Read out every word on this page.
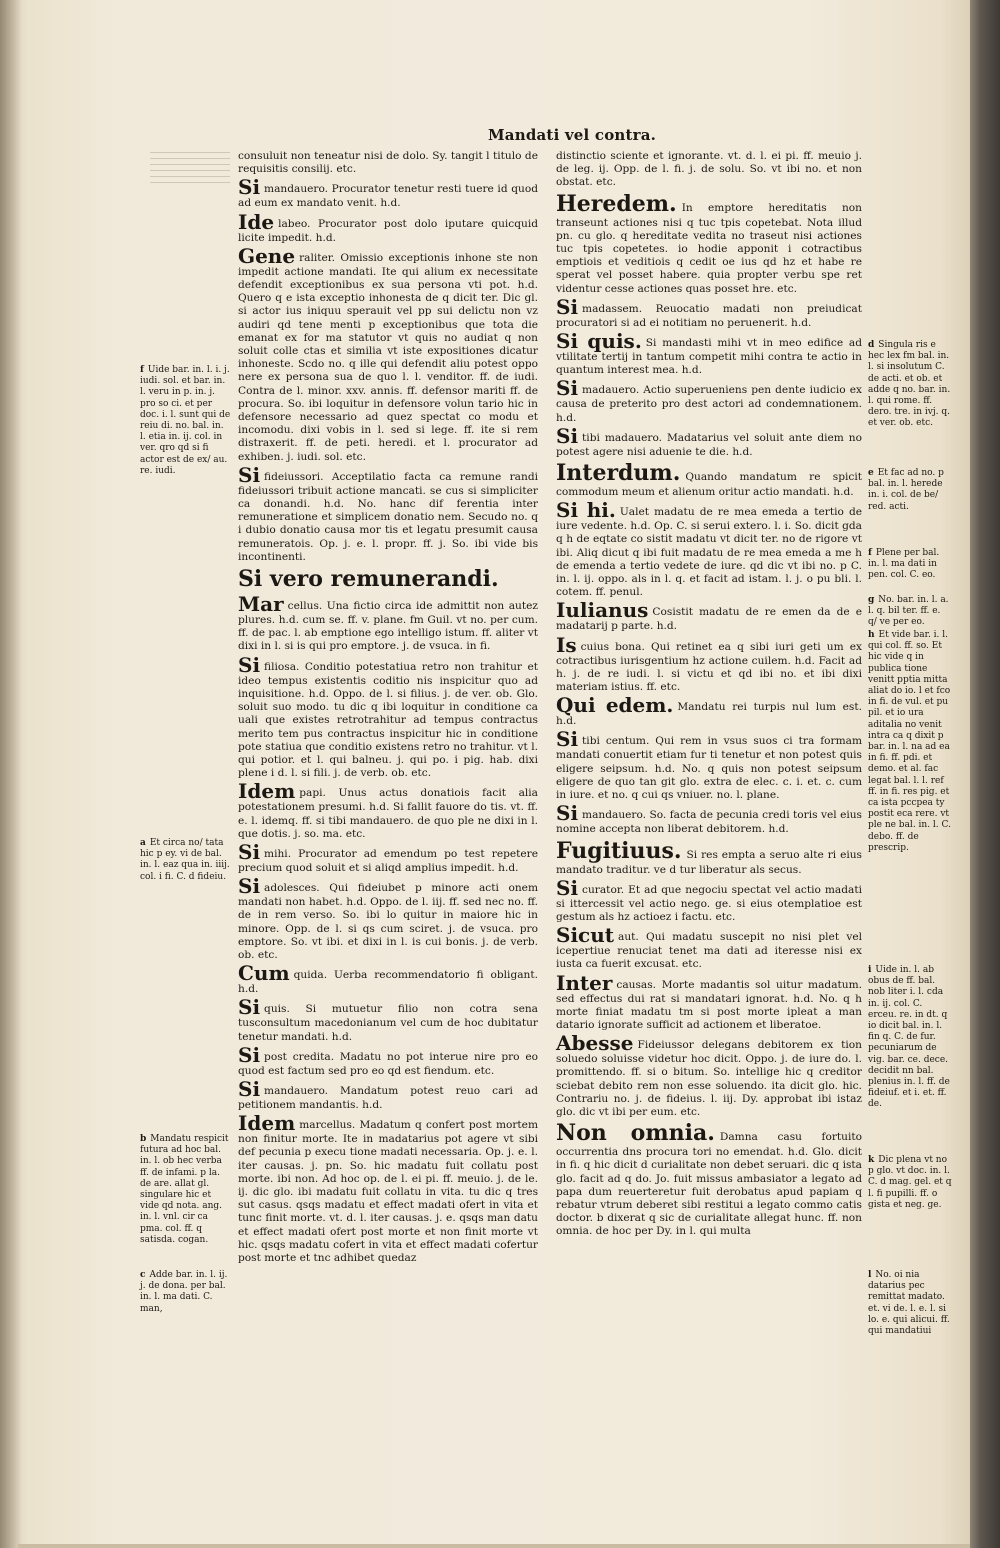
Mandati vel contra.

consuluit non teneatur nisi de dolo. Sy. tangit l titulo de requisitis consilij. etc.

Si mandauero. Procurator tenetur resti tuere id quod ad eum ex mandato venit. h.d.

Ide labeo. Procurator post dolo iputare quicquid licite impedit. h.d.

Gene raliter. Omissio exceptionis inhone ste non impedit actione mandati. Ite qui alium ex necessitate defendit exceptionibus ex sua persona vti pot. h.d. Quero q e ista exceptio inhonesta de q dicit ter. Dic gl. si actor ius iniquu sperauit vel pp sui delictu non vz audiri qd tene menti p exceptionibus que tota die emanat ex for ma statutor vt quis no audiat q non soluit colle ctas et similia vt iste expositiones dicatur inhoneste. Scdo no. q ille qui defendit aliu potest oppo nere ex persona sua de quo l. l. venditor. ff. de iudi. Contra de l. minor. xxv. annis. ff. defensor mariti ff. de procura. So. ibi loquitur in defensore volun tario hic in defensore necessario ad quez spectat co modu et incomodu. dixi vobis in l. sed si lege. ff. ite si rem distraxerit. ff. de peti. heredi. et l. procurator ad exhiben. j. iudi. sol. etc.

Si fideiussori. Acceptilatio facta ca remune randi fideiussori tribuit actione mancati. se cus si simpliciter ca donandi. h.d. No. hanc dif ferentia inter remuneratione et simplicem donatio nem. Secudo no. q i dubio donatio causa mor tis et legatu presumit causa remuneratois. Op. j. e. l. propr. ff. j. So. ibi vide bis incontinenti.

Si vero remunerandi.

Mar cellus. Una fictio circa ide admittit non autez plures. h.d. cum se. ff. v. plane. fm Guil. vt no. per cum. ff. de pac. l. ab emptione ego intelligo istum. ff. aliter vt dixi in l. si is qui pro emptore. j. de vsuca. in fi.

Si filiosa. Conditio potestatiua retro non trahitur et ideo tempus existentis coditio nis inspicitur quo ad inquisitione. h.d. Oppo. de l. si filius. j. de ver. ob. Glo. soluit suo modo. tu dic q ibi loquitur in conditione ca uali que existes retrotrahitur ad tempus contractus merito tem pus contractus inspicitur hic in conditione pote statiua que conditio existens retro no trahitur. vt l. qui potior. et l. qui balneu. j. qui po. i pig. hab. dixi plene i d. l. si fili. j. de verb. ob. etc.

Idem papi. Unus actus donatiois facit alia potestationem presumi. h.d. Si fallit fauore do tis. vt. ff. e. l. idemq. ff. si tibi mandauero. de quo ple ne dixi in l. que dotis. j. so. ma. etc.

Si mihi. Procurator ad emendum po test repetere precium quod soluit et si aliqd amplius impedit. h.d.

Si adolesces. Qui fideiubet p minore acti onem mandati non habet. h.d. Oppo. de l. iij. ff. sed nec no. ff. de in rem verso. So. ibi lo quitur in maiore hic in minore. Opp. de l. si qs cum sciret. j. de vsuca. pro emptore. So. vt ibi. et dixi in l. is cui bonis. j. de verb. ob. etc.

Cum quida. Uerba recommendatorio fi obligant. h.d.

Si quis. Si mutuetur filio non cotra sena tusconsultum macedonianum vel cum de hoc dubitatur tenetur mandati. h.d.

Si post credita. Madatu no pot interue nire pro eo quod est factum sed pro eo qd est fiendum. etc.

Si mandauero. Mandatum potest reuo cari ad petitionem mandantis. h.d.

Idem marcellus. Madatum q confert post mortem non finitur morte. Ite in madatarius pot agere vt sibi def pecunia p execu tione madati necessaria. Op. j. e. l. iter causas. j. pn. So. hic madatu fuit collatu post morte. ibi non. Ad hoc op. de l. ei pi. ff. meuio. j. de le. ij. dic glo. ibi madatu fuit collatu in vita. tu dic q tres sut casus. qsqs madatu et effect madati ofert in vita et tunc finit morte. vt. d. l. iter causas. j. e. qsqs man datu et effect madati ofert post morte et non finit morte vt hic. qsqs madatu cofert in vita et effect madati cofertur post morte et tnc adhibet quedaz

distinctio sciente et ignorante. vt. d. l. ei pi. ff. meuio j. de leg. ij. Opp. de l. fi. j. de solu. So. vt ibi no. et non obstat. etc.

Heredem. In emptore hereditatis non transeunt actiones nisi q tuc tpis copetebat. Nota illud pn. cu glo. q hereditate vedita no traseut nisi actiones tuc tpis copetetes. io hodie apponit i cotractibus emptiois et veditiois q cedit oe ius qd hz et habe re sperat vel posset habere. quia propter verbu spe ret videntur cesse actiones quas posset hre. etc.

Si madassem. Reuocatio madati non preiudicat procuratori si ad ei notitiam no peruenerit. h.d.

Si quis. Si mandasti mihi vt in meo edifice ad vtilitate tertij in tantum competit mihi contra te actio in quantum interest mea. h.d.

Si madauero. Actio superueniens pen dente iudicio ex causa de preterito pro dest actori ad condemnationem. h.d.

Si tibi madauero. Madatarius vel soluit ante diem no potest agere nisi aduenie te die. h.d.

Interdum. Quando mandatum re spicit commodum meum et alienum oritur actio mandati. h.d.

Si hi. Ualet madatu de re mea emeda a tertio de iure vedente. h.d. Op. C. si serui extero. l. i. So. dicit gda q h de eqtate co sistit madatu vt dicit ter. no de rigore vt ibi. Aliq dicut q ibi fuit madatu de re mea emeda a me h de emenda a tertio vedete de iure. qd dic vt ibi no. p C. in. l. ij. oppo. als in l. q. et facit ad istam. l. j. o pu bli. l. cotem. ff. penul.

Iulianus Cosistit madatu de re emen da de e madatarij p parte. h.d.

Is cuius bona. Qui retinet ea q sibi iuri geti um ex cotractibus iurisgentium hz actione cuilem. h.d. Facit ad h. j. de re iudi. l. si victu et qd ibi no. et ibi dixi materiam istius. ff. etc.

Qui edem. Mandatu rei turpis nul lum est. h.d.

Si tibi centum. Qui rem in vsus suos ci tra formam mandati conuertit etiam fur ti tenetur et non potest quis eligere seipsum. h.d. No. q quis non potest seipsum eligere de quo tan git glo. extra de elec. c. i. et. c. cum in iure. et no. q cui qs vniuer. no. l. plane.

Si mandauero. So. facta de pecunia credi toris vel eius nomine accepta non liberat debitorem. h.d.

Fugitiuus. Si res empta a seruo alte ri eius mandato traditur. ve d tur liberatur als secus.

Si curator. Et ad que negociu spectat vel actio madati si ittercessit vel actio nego. ge. si eius otemplatioe est gestum als hz actioez i factu. etc.

Sicut aut. Qui madatu suscepit no nisi plet vel icepertiue renuciat tenet ma dati ad iteresse nisi ex iusta ca fuerit excusat. etc.

Inter causas. Morte madantis sol uitur madatum. sed effectus dui rat si mandatari ignorat. h.d. No. q h morte finiat madatu tm si post morte ipleat a man datario ignorate sufficit ad actionem et liberatoe.

Abesse Fideiussor delegans debitorem ex tion soluedo soluisse videtur hoc dicit. Oppo. j. de iure do. l. promittendo. ff. si o bitum. So. intellige hic q creditor sciebat debito rem non esse soluendo. ita dicit glo. hic. Contrariu no. j. de fideius. l. iij. Dy. approbat ibi istaz glo. dic vt ibi per eum. etc.

Non omnia. Damna casu fortuito occurrentia dns procura tori no emendat. h.d. Glo. dicit in fi. q hic dicit d curialitate non debet seruari. dic q ista glo. facit ad q do. Jo. fuit missus ambasiator a legato ad papa dum reuerteretur fuit derobatus apud papiam q rebatur vtrum deberet sibi restitui a legato commo catis doctor. b dixerat q sic de curialitate allegat hunc. ff. non omnia. de hoc per Dy. in l. qui multa

f Uide bar. in. l. i. j. iudi. sol. et bar. in. l. veru in p. in. j. pro so ci. et per doc. i. l. sunt qui de reiu di. no. bal. in. l. etia in. ij. col. in ver. qro qd si fi actor est de ex/ au. re. iudi.

a Et circa no/ tata hic p ey. vi de bal. in. l. eaz qua in. iiij. col. i fi. C. d fideiu.

b Mandatu respicit futura ad hoc bal. in. l. ob hec verba ff. de infami. p la. de are. allat gl. singulare hic et vide qd nota. ang. in. l. vnl. cir ca pma. col. ff. q satisda. cogan.

c Adde bar. in. l. ij. j. de dona. per bal. in. l. ma dati. C. man,

d Singula ris e hec lex fm bal. in. l. si insolutum C. de acti. et ob. et adde q no. bar. in. l. qui rome. ff. dero. tre. in ivj. q. et ver. ob. etc.

e Et fac ad no. p bal. in. l. herede in. i. col. de be/ red. acti.

f Plene per bal. in. l. ma dati in pen. col. C. eo.

g No. bar. in. l. a. l. q. bil ter. ff. e. q/ ve per eo.

h Et vide bar. i. l. qui col. ff. so. Et hic vide q in publica tione venitt pptia mitta aliat do io. l et fco in fi. de vul. et pu pil. et io ura aditalia no venit intra ca q dixit p bar. in. l. na ad ea in fi. ff. pdi. et demo. et al. fac legat bal. l. l. ref ff. in fi. res pig. et ca ista pccpea ty postit eca rere. vt ple ne bal. in. l. C. debo. ff. de prescrip.

i Uide in. l. ab obus de ff. bal. nob liter i. l. cda in. ij. col. C. erceu. re. in dt. q io dicit bal. in. l. fin q. C. de fur. pecuniarum de vig. bar. ce. dece. decidit nn bal. plenius in. l. ff. de fideiuf. et i. et. ff. de.

k Dic plena vt no p glo. vt doc. in. l. C. d mag. gel. et q l. fi pupilli. ff. o gista et neg. ge.

l No. oi nia datarius pec remittat madato. et. vi de. l. e. l. si lo. e. qui alicui. ff. qui mandatiui
